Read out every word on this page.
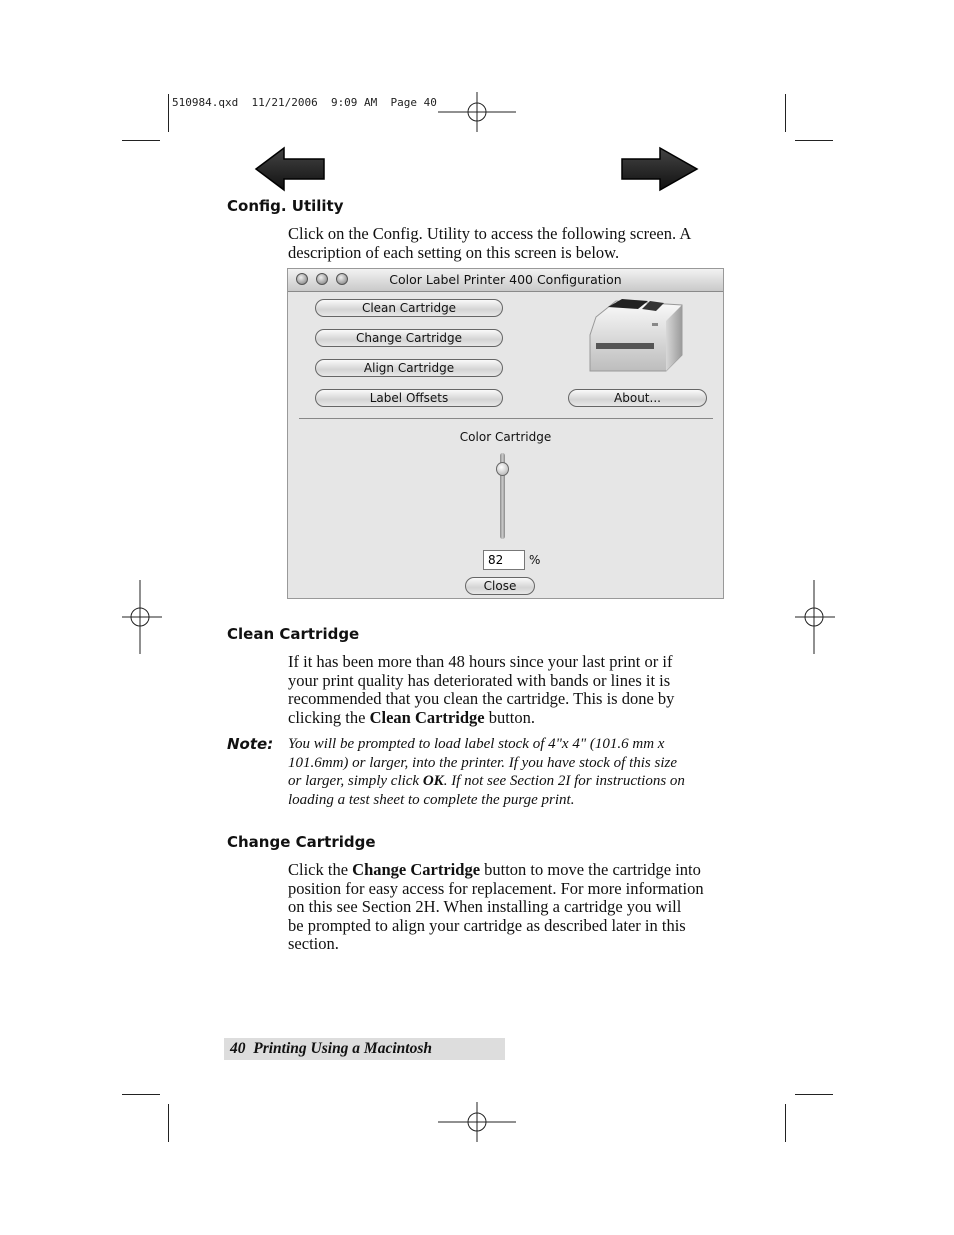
510984.qxd  11/21/2006  9:09 AM  Page 40
Config. Utility
Click on the Config. Utility to access the following screen. A
description of each setting on this screen is below.
Color Label Printer 400 Configuration
Clean Cartridge
Change Cartridge
Align Cartridge
Label Offsets	About...
Color Cartridge
82
%
Close
Clean Cartridge
If it has been more than 48 hours since your last print or if
your print quality has deteriorated with bands or lines it is
recommended that you clean the cartridge. This is done by
clicking the Clean Cartridge button.
Note: You will be prompted to load label stock of 4"x 4" (101.6 mm x
101.6mm) or larger, into the printer. If you have stock of this size
or larger, simply click OK. If not see Section 2I for instructions on
loading a test sheet to complete the purge print.
Change Cartridge
Click the Change Cartridge button to move the cartridge into
position for easy access for replacement. For more information
on this see Section 2H. When installing a cartridge you will
be prompted to align your cartridge as described later in this
section.
40 Printing Using a Macintosh
